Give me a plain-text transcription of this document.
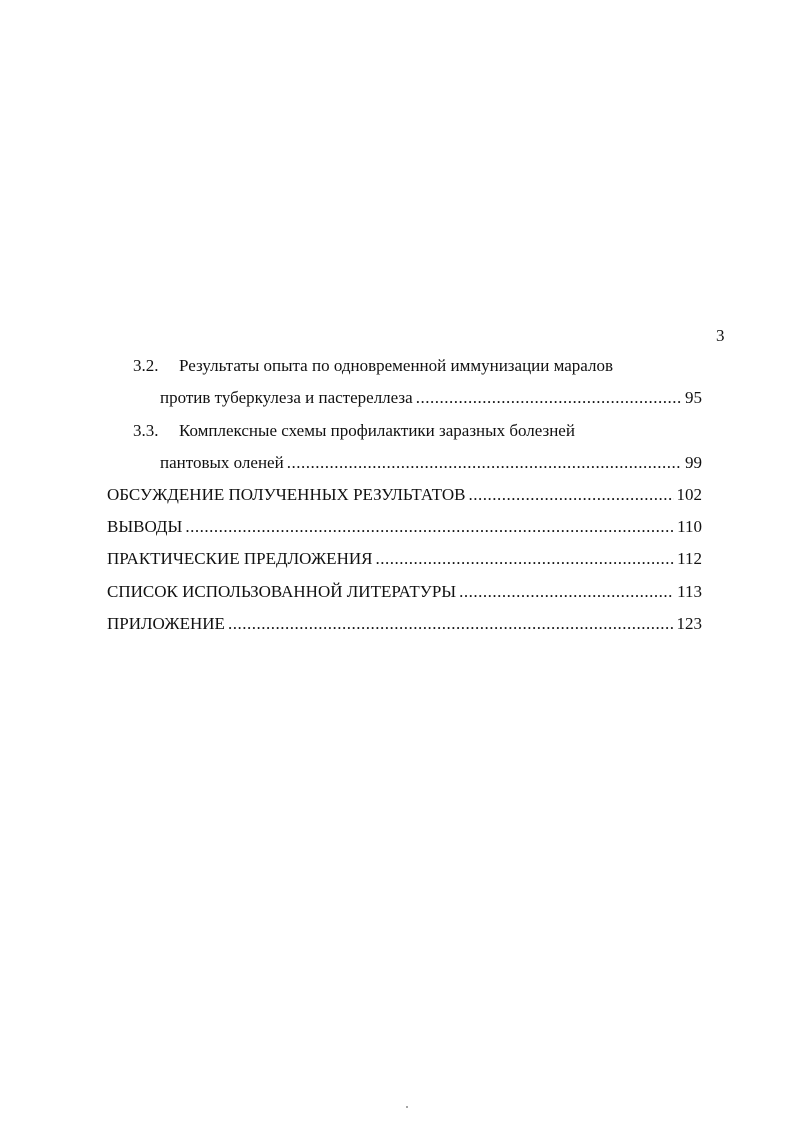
3
3.2.	Результаты опыта по одновременной иммунизации маралов
против туберкулеза и пастереллеза .....	95
3.3.	Комплексные схемы профилактики заразных болезней
пантовых оленей .....	99
ОБСУЖДЕНИЕ ПОЛУЧЕННЫХ РЕЗУЛЬТАТОВ .....	102
ВЫВОДЫ .....	110
ПРАКТИЧЕСКИЕ ПРЕДЛОЖЕНИЯ .....	112
СПИСОК ИСПОЛЬЗОВАННОЙ ЛИТЕРАТУРЫ .....	113
ПРИЛОЖЕНИЕ .....	123
